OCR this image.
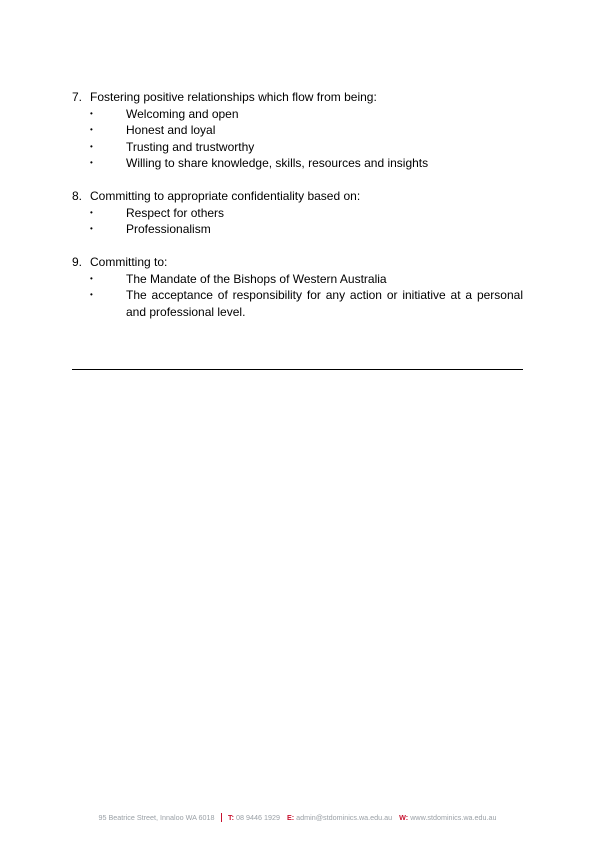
7. Fostering positive relationships which flow from being:
•	Welcoming and open
•	Honest and loyal
•	Trusting and trustworthy
•	Willing to share knowledge, skills, resources and insights
8. Committing to appropriate confidentiality based on:
•	Respect for others
•	Professionalism
9. Committing to:
•	The Mandate of the Bishops of Western Australia
•	The acceptance of responsibility for any action or initiative at a personal and professional level.
95 Beatrice Street, Innaloo WA 6018 T: 08 9446 1929 E: admin@stdominics.wa.edu.au W: www.stdominics.wa.edu.au
